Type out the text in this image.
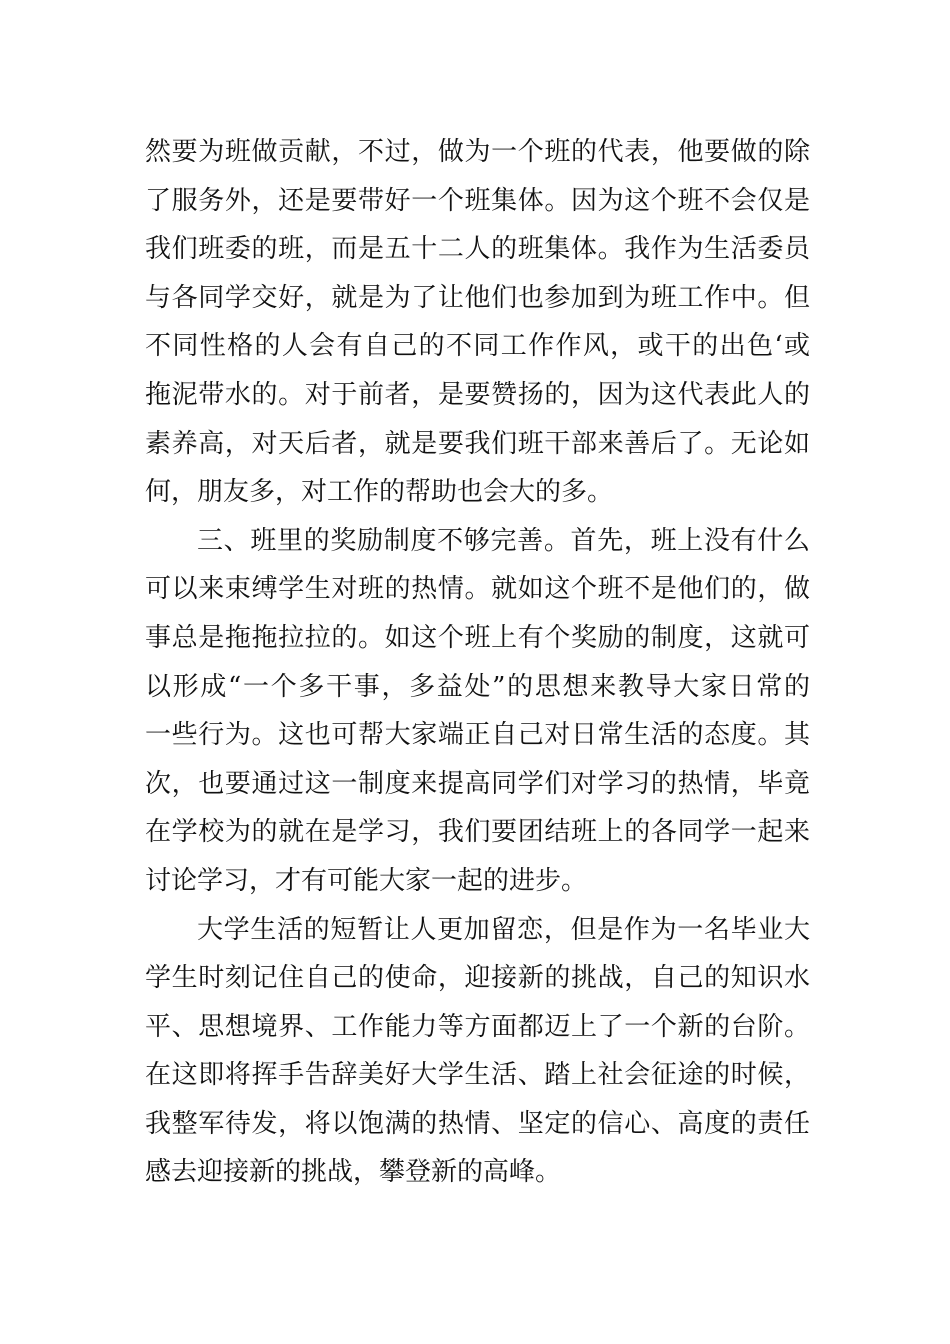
然要为班做贡献，不过，做为一个班的代表，他要做的除
了服务外，还是要带好一个班集体。因为这个班不会仅是
我们班委的班，而是五十二人的班集体。我作为生活委员
与各同学交好，就是为了让他们也参加到为班工作中。但
不同性格的人会有自己的不同工作作风，或干的出色‘或
拖泥带水的。对于前者，是要赞扬的，因为这代表此人的
素养高，对天后者，就是要我们班干部来善后了。无论如
何，朋友多，对工作的帮助也会大的多。
三、班里的奖励制度不够完善。首先，班上没有什么
可以来束缚学生对班的热情。就如这个班不是他们的，做
事总是拖拖拉拉的。如这个班上有个奖励的制度，这就可
以形成“一个多干事，多益处”的思想来教导大家日常的
一些行为。这也可帮大家端正自己对日常生活的态度。其
次，也要通过这一制度来提高同学们对学习的热情，毕竟
在学校为的就在是学习，我们要团结班上的各同学一起来
讨论学习，才有可能大家一起的进步。
大学生活的短暂让人更加留恋，但是作为一名毕业大
学生时刻记住自己的使命，迎接新的挑战，自己的知识水
平、思想境界、工作能力等方面都迈上了一个新的台阶。
在这即将挥手告辞美好大学生活、踏上社会征途的时候，
我整军待发，将以饱满的热情、坚定的信心、高度的责任
感去迎接新的挑战，攀登新的高峰。
